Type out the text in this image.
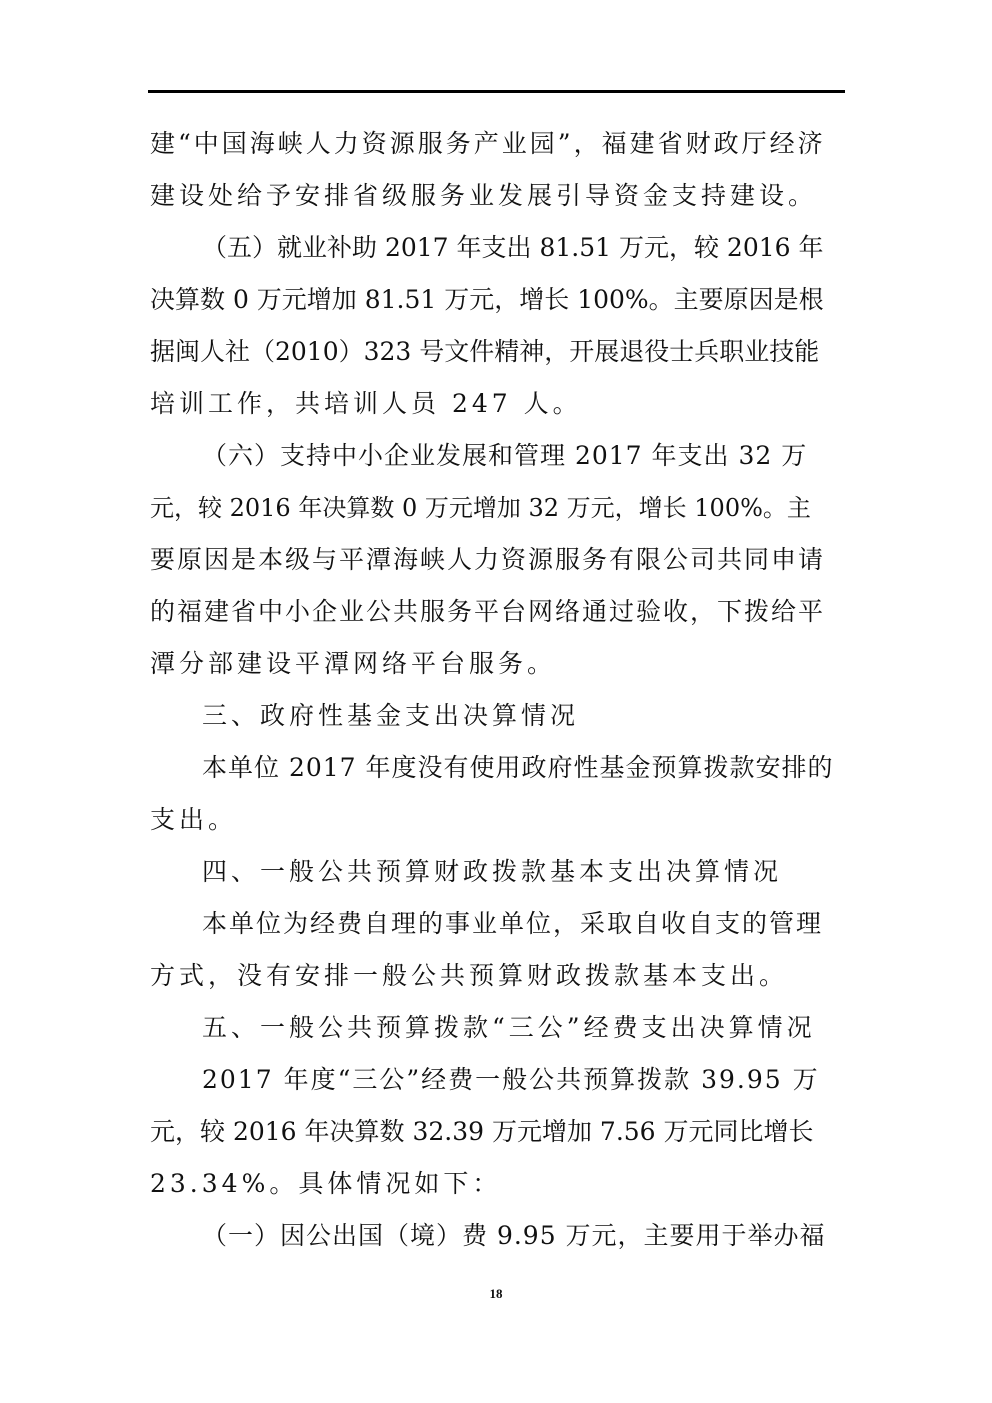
建“中国海峡人力资源服务产业园”，福建省财政厅经济
建设处给予安排省级服务业发展引导资金支持建设。
（五）就业补助 2017 年支出 81.51 万元，较 2016 年
决算数 0 万元增加 81.51 万元，增长 100%。主要原因是根
据闽人社（2010）323 号文件精神，开展退役士兵职业技能
培训工作，共培训人员 247 人。
（六）支持中小企业发展和管理 2017 年支出 32 万
元，较 2016 年决算数 0 万元增加 32 万元，增长 100%。主
要原因是本级与平潭海峡人力资源服务有限公司共同申请
的福建省中小企业公共服务平台网络通过验收，下拨给平
潭分部建设平潭网络平台服务。
三、政府性基金支出决算情况
本单位 2017 年度没有使用政府性基金预算拨款安排的
支出。
四、一般公共预算财政拨款基本支出决算情况
本单位为经费自理的事业单位，采取自收自支的管理
方式，没有安排一般公共预算财政拨款基本支出。
五、一般公共预算拨款“三公”经费支出决算情况
2017 年度“三公”经费一般公共预算拨款 39.95 万
元，较 2016 年决算数 32.39 万元增加 7.56 万元同比增长
23.34%。具体情况如下：
（一）因公出国（境）费 9.95 万元，主要用于举办福
18
